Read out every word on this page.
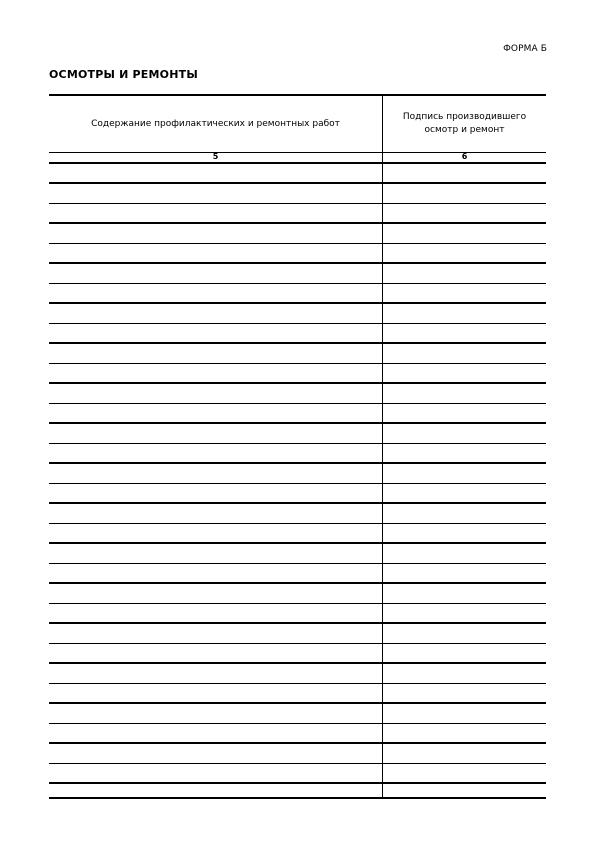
ФОРМА Б
ОСМОТРЫ И РЕМОНТЫ
Содержание профилактических и ремонтных работ
Подпись производившего
осмотр и ремонт
5	6
